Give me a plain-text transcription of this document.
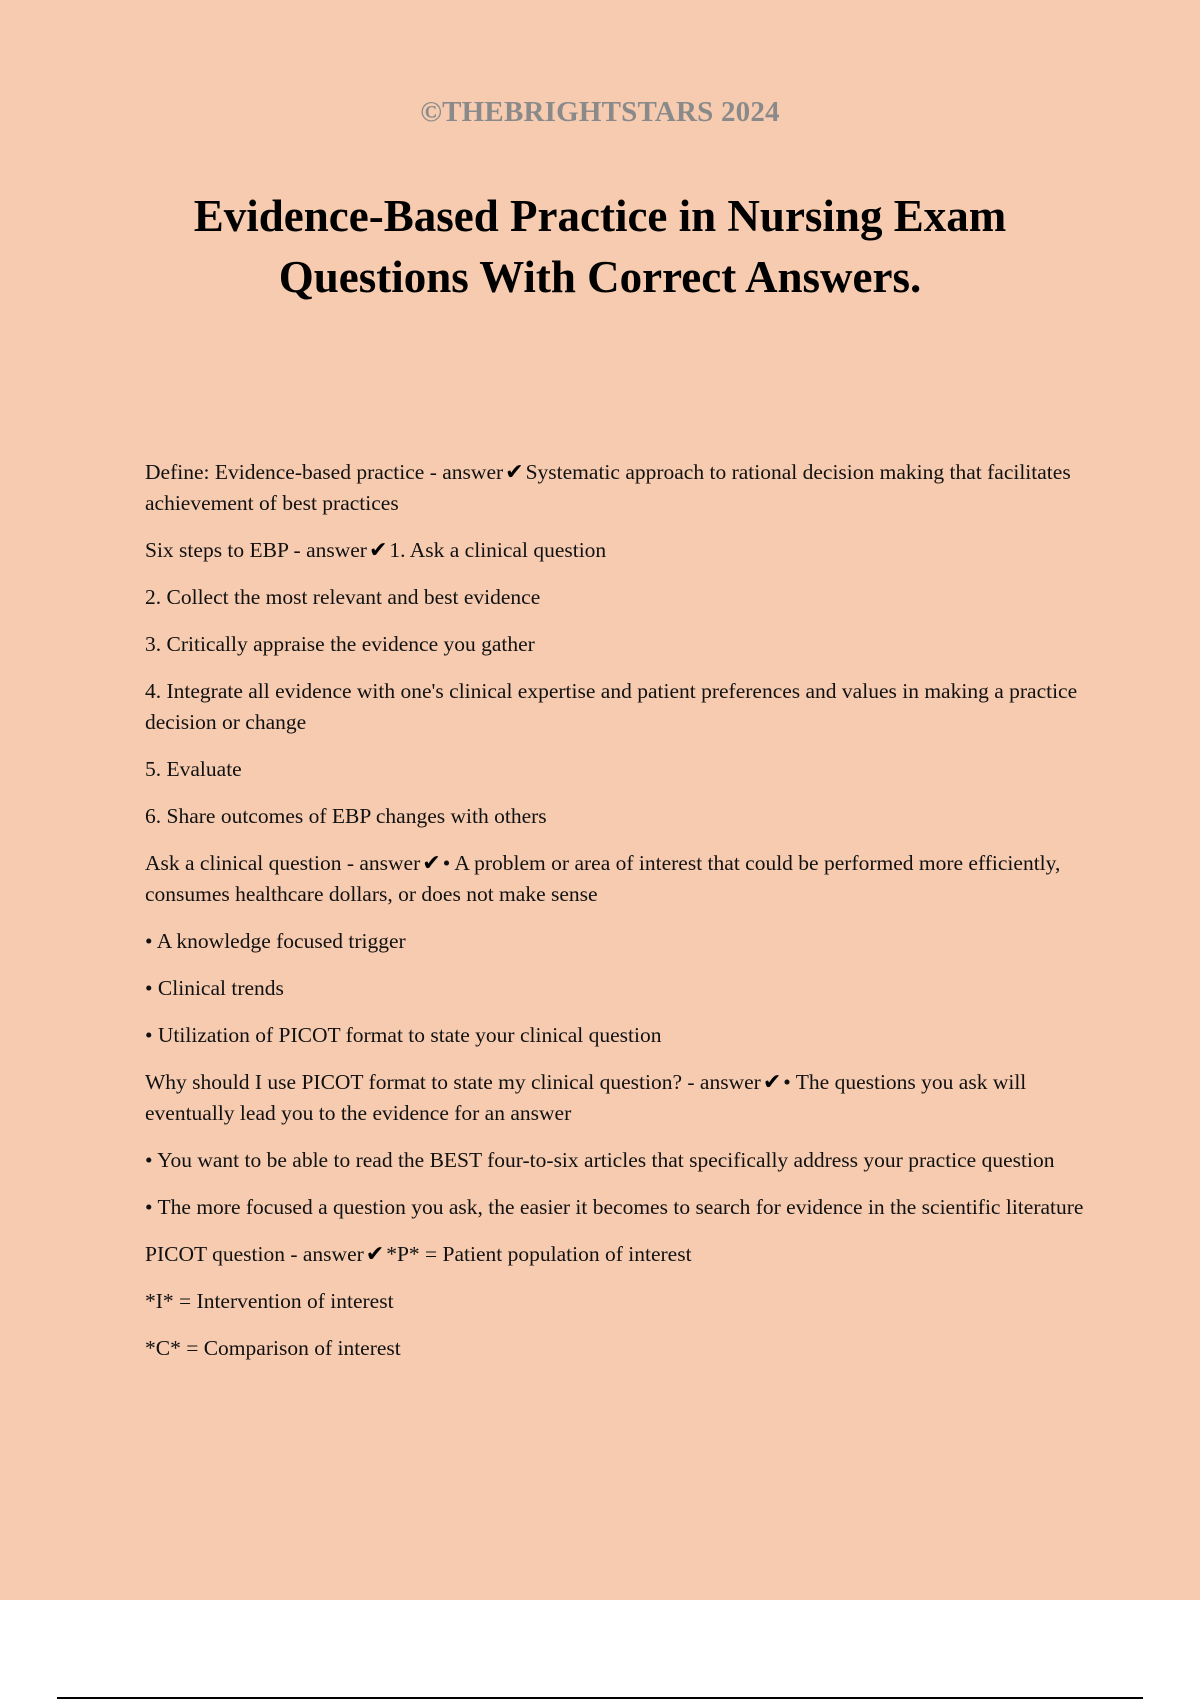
©THEBRIGHTSTARS 2024
Evidence-Based Practice in Nursing Exam
Questions With Correct Answers.

Define: Evidence-based practice - answer✔Systematic approach to rational decision making that facilitates achievement of best practices

Six steps to EBP - answer✔1. Ask a clinical question

2. Collect the most relevant and best evidence

3. Critically appraise the evidence you gather

4. Integrate all evidence with one's clinical expertise and patient preferences and values in making a practice decision or change

5. Evaluate

6. Share outcomes of EBP changes with others

Ask a clinical question - answer✔• A problem or area of interest that could be performed more efficiently, consumes healthcare dollars, or does not make sense

• A knowledge focused trigger

• Clinical trends

• Utilization of PICOT format to state your clinical question

Why should I use PICOT format to state my clinical question? - answer✔• The questions you ask will eventually lead you to the evidence for an answer

• You want to be able to read the BEST four-to-six articles that specifically address your practice question

• The more focused a question you ask, the easier it becomes to search for evidence in the scientific literature

PICOT question - answer✔*P* = Patient population of interest

*I* = Intervention of interest

*C* = Comparison of interest
